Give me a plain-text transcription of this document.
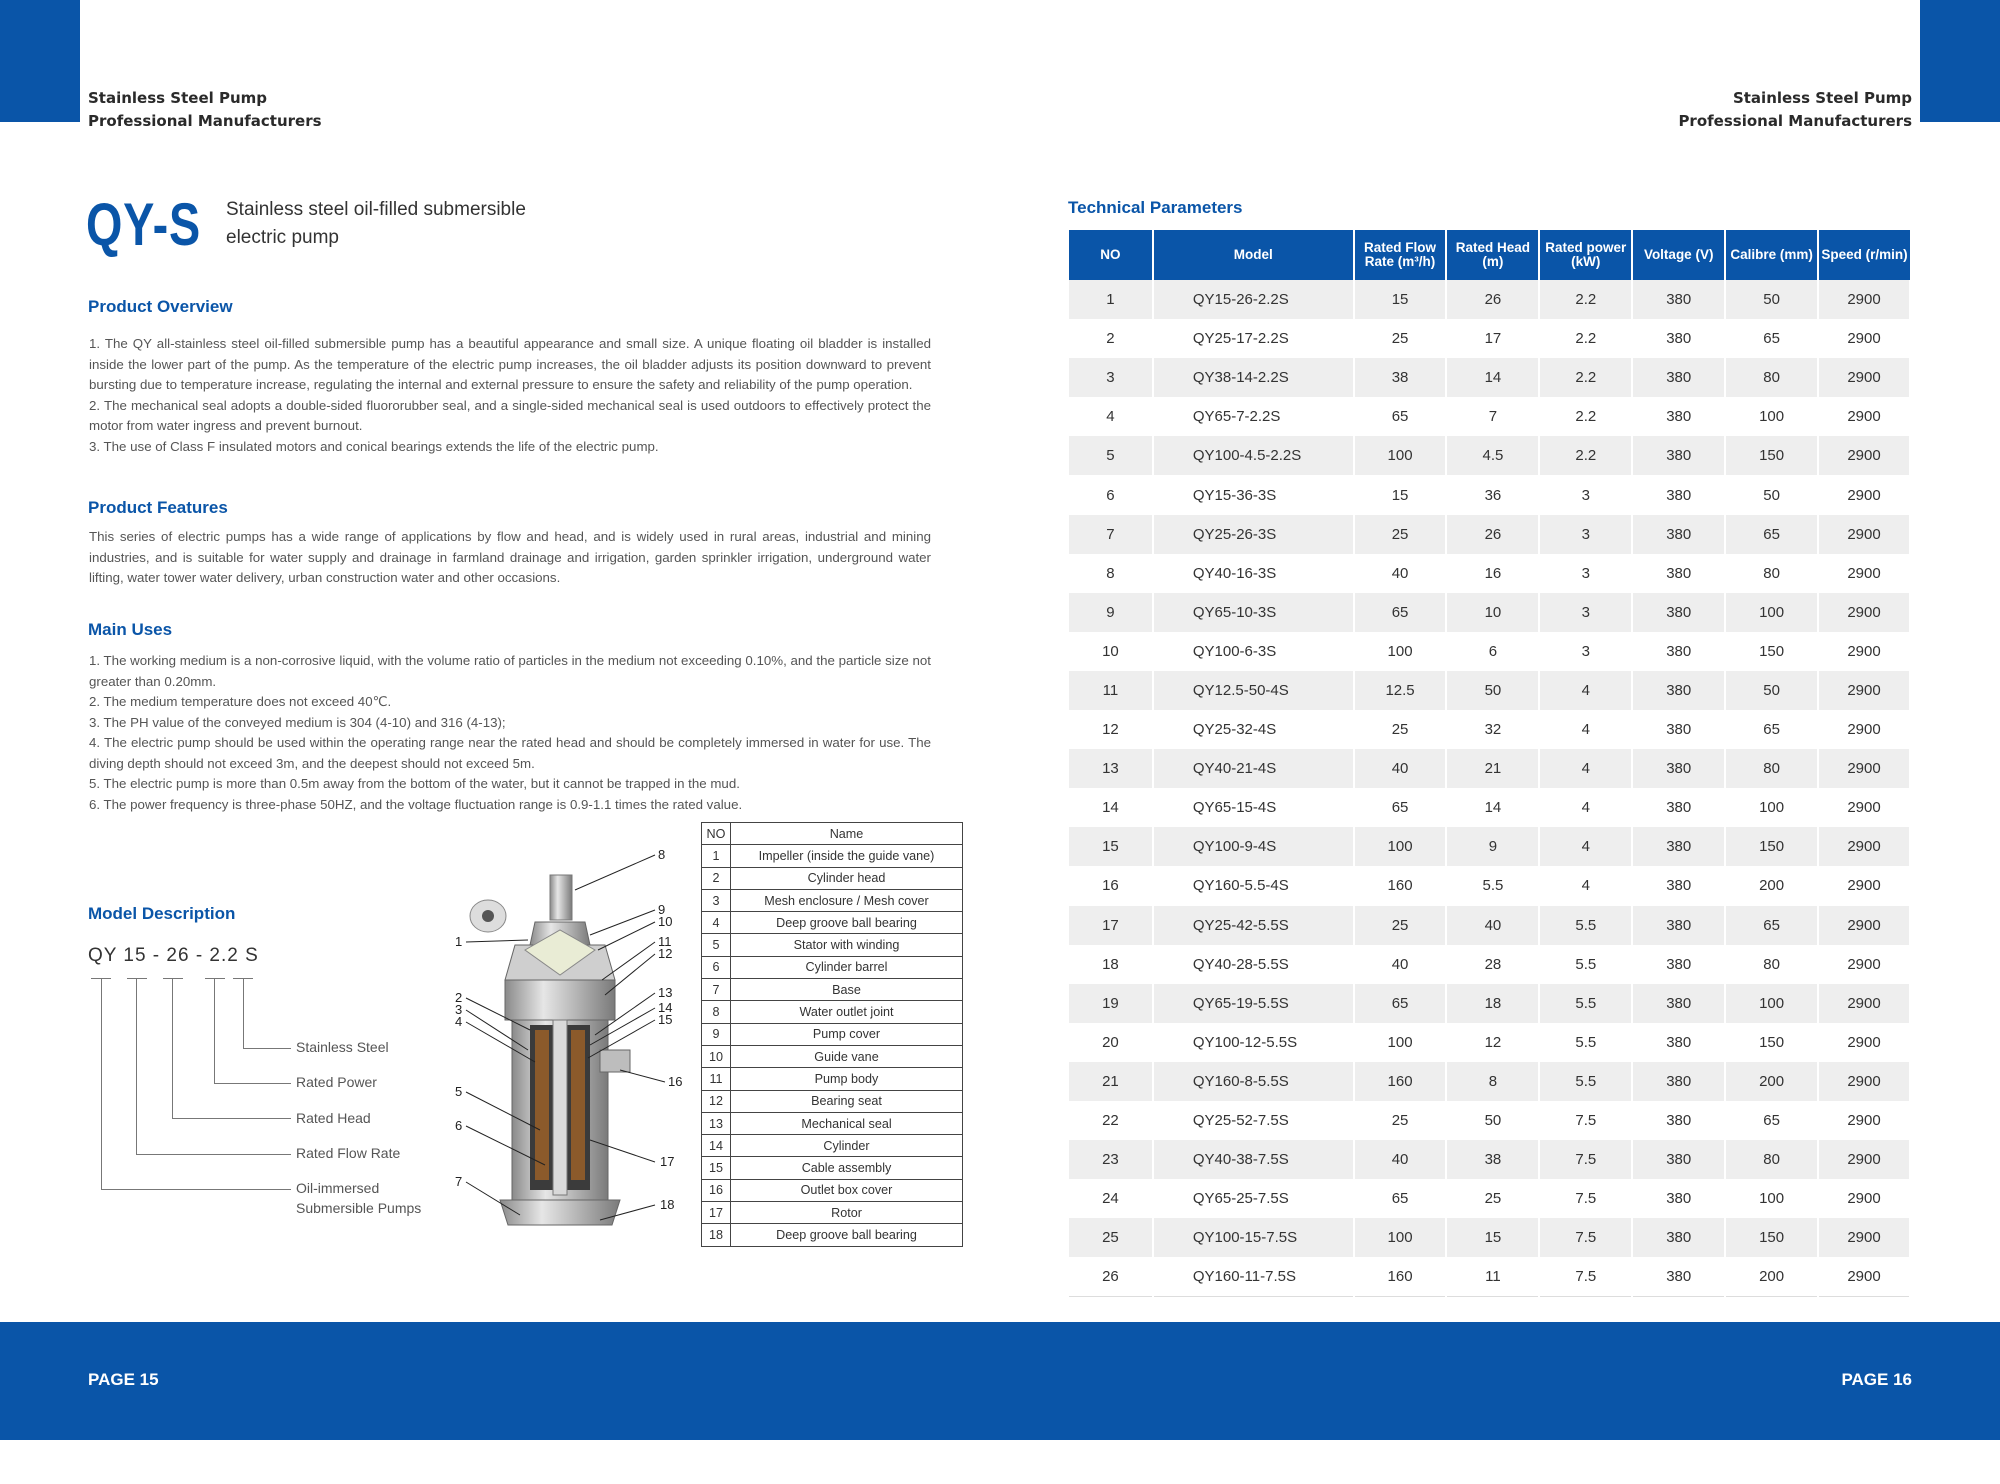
Stainless Steel Pump
Professional Manufacturers
Stainless Steel Pump
Professional Manufacturers
QY-S Stainless steel oil-filled submersible
electric pump
Product Overview

1. The QY all-stainless steel oil-filled submersible pump has a beautiful appearance and small size. A unique floating oil bladder is installed inside the lower part of the pump. As the temperature of the electric pump increases, the oil bladder adjusts its position downward to prevent bursting due to temperature increase, regulating the internal and external pressure to ensure the safety and reliability of the pump operation.

2. The mechanical seal adopts a double-sided fluororubber seal, and a single-sided mechanical seal is used outdoors to effectively protect the motor from water ingress and prevent burnout.

3. The use of Class F insulated motors and conical bearings extends the life of the electric pump.

Product Features
This series of electric pumps has a wide range of applications by flow and head, and is widely used in rural areas, industrial and mining industries, and is suitable for water supply and drainage in farmland drainage and irrigation, garden sprinkler irrigation, underground water lifting, water tower water delivery, urban construction water and other occasions.
Main Uses

1. The working medium is a non-corrosive liquid, with the volume ratio of particles in the medium not exceeding 0.10%, and the particle size not greater than 0.20mm.

2. The medium temperature does not exceed 40℃.

3. The PH value of the conveyed medium is 304 (4-10) and 316 (4-13);

4. The electric pump should be used within the operating range near the rated head and should be completely immersed in water for use. The diving depth should not exceed 3m, and the deepest should not exceed 5m.

5. The electric pump is more than 0.5m away from the bottom of the water, but it cannot be trapped in the mud.

6. The power frequency is three-phase 50HZ, and the voltage fluctuation range is 0.9-1.1 times the rated value.

Model Description
QY 15 - 26 - 2.2 S
Stainless Steel
Rated Power
Rated Head
Rated Flow Rate
Oil-immersed
Submersible Pumps
1
2
3
4
5
6
7
8
9
10
11
12
13
14
15
16
17
18
NO	Name
1	Impeller (inside the guide vane)
2	Cylinder head
3	Mesh enclosure / Mesh cover
4	Deep groove ball bearing
5	Stator with winding
6	Cylinder barrel
7	Base
8	Water outlet joint
9	Pump cover
10	Guide vane
11	Pump body
12	Bearing seat
13	Mechanical seal
14	Cylinder
15	Cable assembly
16	Outlet box cover
17	Rotor
18	Deep groove ball bearing
PAGE 15	PAGE 16
Technical Parameters
NO	Model	Rated Flow Rate (m³/h)	Rated Head (m)	Rated power (kW)	Voltage (V)	Calibre (mm)	Speed (r/min)
1	QY15-26-2.2S	15	26	2.2	380	50	2900
2	QY25-17-2.2S	25	17	2.2	380	65	2900
3	QY38-14-2.2S	38	14	2.2	380	80	2900
4	QY65-7-2.2S	65	7	2.2	380	100	2900
5	QY100-4.5-2.2S	100	4.5	2.2	380	150	2900
6	QY15-36-3S	15	36	3	380	50	2900
7	QY25-26-3S	25	26	3	380	65	2900
8	QY40-16-3S	40	16	3	380	80	2900
9	QY65-10-3S	65	10	3	380	100	2900
10	QY100-6-3S	100	6	3	380	150	2900
11	QY12.5-50-4S	12.5	50	4	380	50	2900
12	QY25-32-4S	25	32	4	380	65	2900
13	QY40-21-4S	40	21	4	380	80	2900
14	QY65-15-4S	65	14	4	380	100	2900
15	QY100-9-4S	100	9	4	380	150	2900
16	QY160-5.5-4S	160	5.5	4	380	200	2900
17	QY25-42-5.5S	25	40	5.5	380	65	2900
18	QY40-28-5.5S	40	28	5.5	380	80	2900
19	QY65-19-5.5S	65	18	5.5	380	100	2900
20	QY100-12-5.5S	100	12	5.5	380	150	2900
21	QY160-8-5.5S	160	8	5.5	380	200	2900
22	QY25-52-7.5S	25	50	7.5	380	65	2900
23	QY40-38-7.5S	40	38	7.5	380	80	2900
24	QY65-25-7.5S	65	25	7.5	380	100	2900
25	QY100-15-7.5S	100	15	7.5	380	150	2900
26	QY160-11-7.5S	160	11	7.5	380	200	2900
